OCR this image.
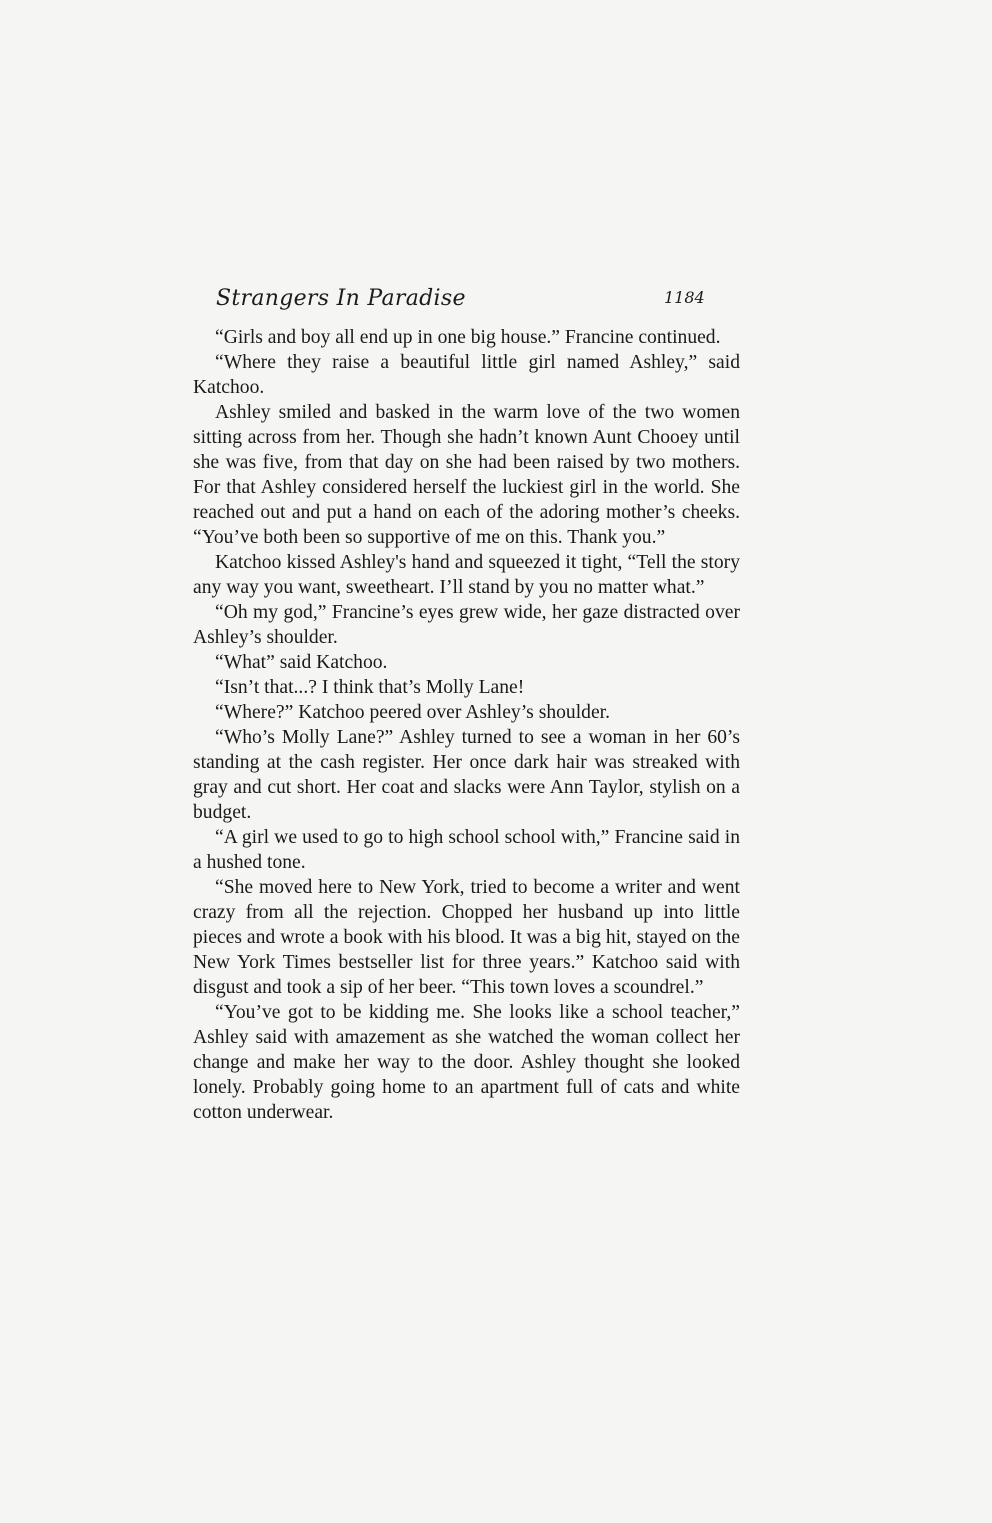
Strangers In Paradise	1184

“Girls and boy all end up in one big house.” Francine continued.

“Where they raise a beautiful little girl named Ashley,” said Katchoo.

Ashley smiled and basked in the warm love of the two women sitting across from her. Though she hadn’t known Aunt Chooey until she was five, from that day on she had been raised by two mothers. For that Ashley considered herself the luckiest girl in the world. She reached out and put a hand on each of the adoring mother’s cheeks. “You’ve both been so supportive of me on this. Thank you.”

Katchoo kissed Ashley's hand and squeezed it tight, “Tell the story any way you want, sweetheart. I’ll stand by you no matter what.”

“Oh my god,” Francine’s eyes grew wide, her gaze distracted over Ashley’s shoulder.

“What” said Katchoo.

“Isn’t that...? I think that’s Molly Lane!

“Where?” Katchoo peered over Ashley’s shoulder.

“Who’s Molly Lane?” Ashley turned to see a woman in her 60’s standing at the cash register. Her once dark hair was streaked with gray and cut short. Her coat and slacks were Ann Taylor, stylish on a budget.

“A girl we used to go to high school school with,” Francine said in a hushed tone.

“She moved here to New York, tried to become a writer and went crazy from all the rejection. Chopped her husband up into little pieces and wrote a book with his blood. It was a big hit, stayed on the New York Times bestseller list for three years.” Katchoo said with disgust and took a sip of her beer. “This town loves a scoundrel.”

“You’ve got to be kidding me. She looks like a school teacher,” Ashley said with amazement as she watched the woman collect her change and make her way to the door. Ashley thought she looked lonely. Probably going home to an apartment full of cats and white cotton underwear.
